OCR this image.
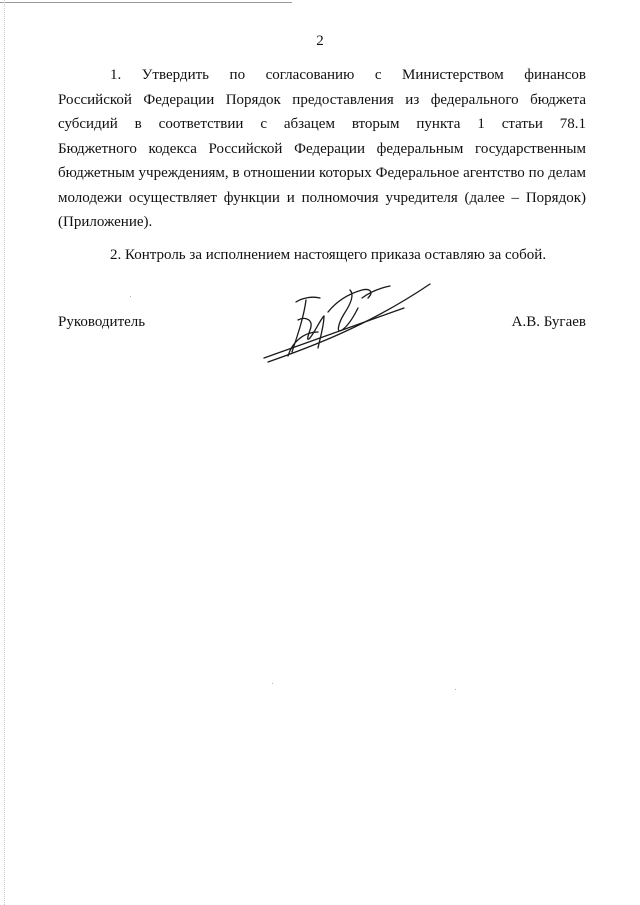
2
1. Утвердить по согласованию с Министерством финансов
Российской Федерации Порядок предоставления из федерального бюджета
субсидий в соответствии с абзацем вторым пункта 1 статьи 78.1
Бюджетного кодекса Российской Федерации федеральным государственным
бюджетным учреждениям, в отношении которых Федеральное агентство по делам
молодежи осуществляет функции и полномочия учредителя (далее – Порядок)
(Приложение).
2. Контроль за исполнением настоящего приказа оставляю за собой.
Руководитель	А.В. Бугаев
